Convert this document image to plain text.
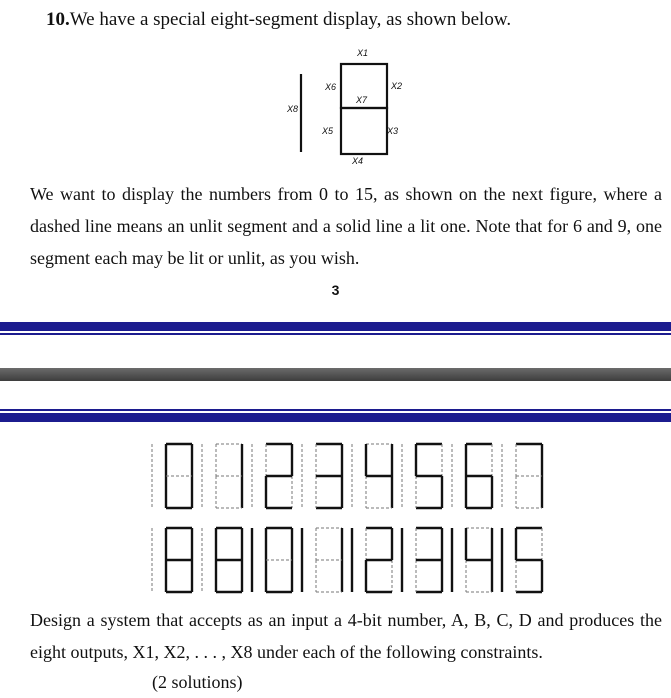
10.We have a special eight-segment display, as shown below.
X1
X2
X3
X4
X5
X6
X7
X8
We want to display the numbers from 0 to 15, as shown on the next figure, where a dashed line means an unlit segment and a solid line a lit one. Note that for 6 and 9, one segment each may be lit or unlit, as you wish.
3
Design a system that accepts as an input a 4-bit number, A, B, C, D and produces the eight outputs, X1, X2, . . . , X8 under each of the following constraints.
(2 solutions)
